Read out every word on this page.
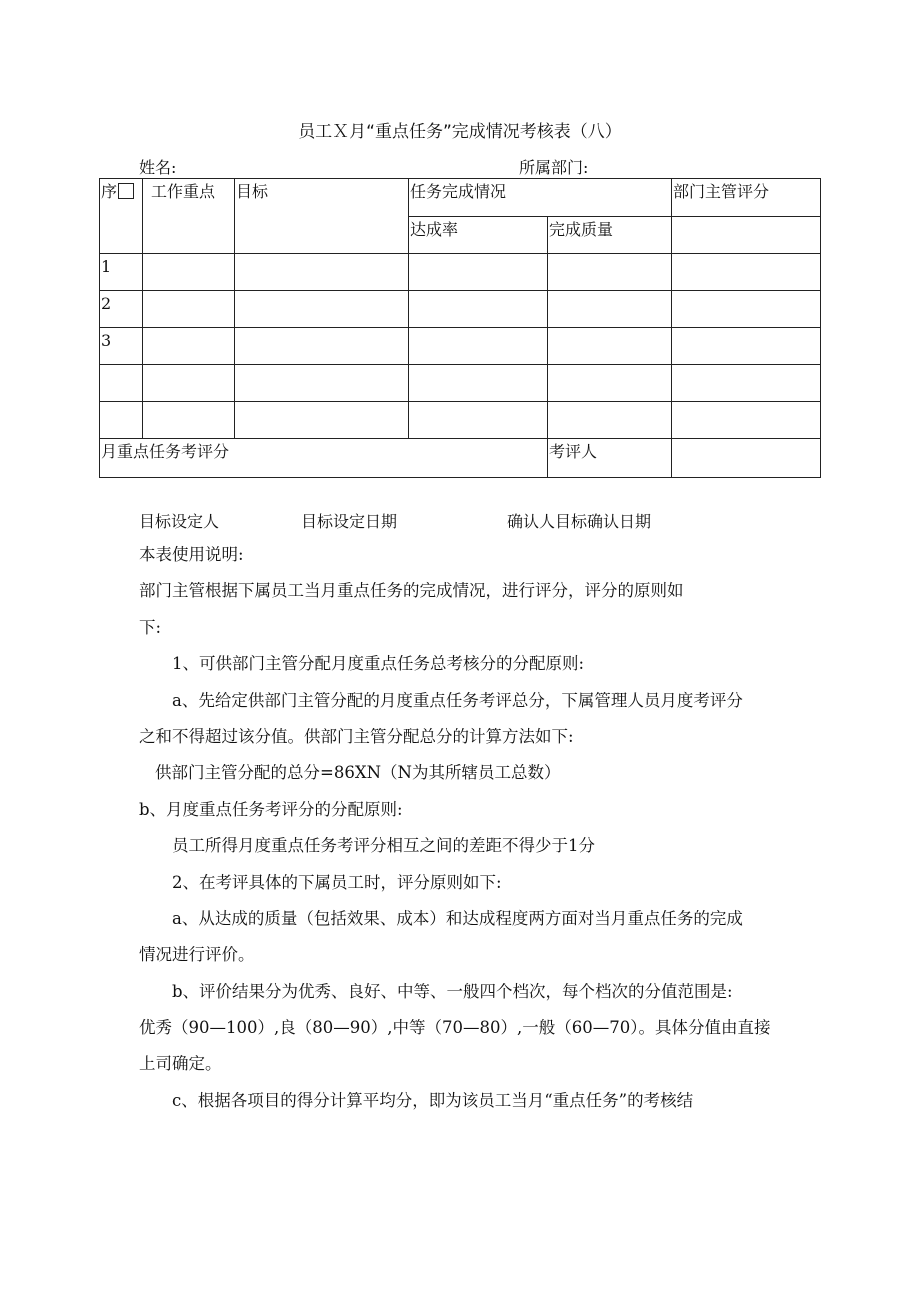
员工Ｘ月“重点任务”完成情况考核表（八）
姓名:	所属部门:
序	工作重点	目标	任务完成情况		部门主管评分
			达成率	完成质量	
1					
2					
3					

月重点任务考评分				考评人	
目标设定人	目标设定日期	确认人目标确认日期
本表使用说明:
部门主管根据下属员工当月重点任务的完成情况，进行评分，评分的原则如
下:
1、可供部门主管分配月度重点任务总考核分的分配原则:
a、先给定供部门主管分配的月度重点任务考评总分，下属管理人员月度考评分
之和不得超过该分值。供部门主管分配总分的计算方法如下:
供部门主管分配的总分=86XN（N为其所辖员工总数）
b、月度重点任务考评分的分配原则:
员工所得月度重点任务考评分相互之间的差距不得少于1分
2、在考评具体的下属员工时，评分原则如下:
a、从达成的质量（包括效果、成本）和达成程度两方面对当月重点任务的完成
情况进行评价。
b、评价结果分为优秀、良好、中等、一般四个档次，每个档次的分值范围是:
优秀（90—100）,良（80—90）,中等（70—80）,一般（60—70）。具体分值由直接
上司确定。
c、根据各项目的得分计算平均分，即为该员工当月“重点任务”的考核结
